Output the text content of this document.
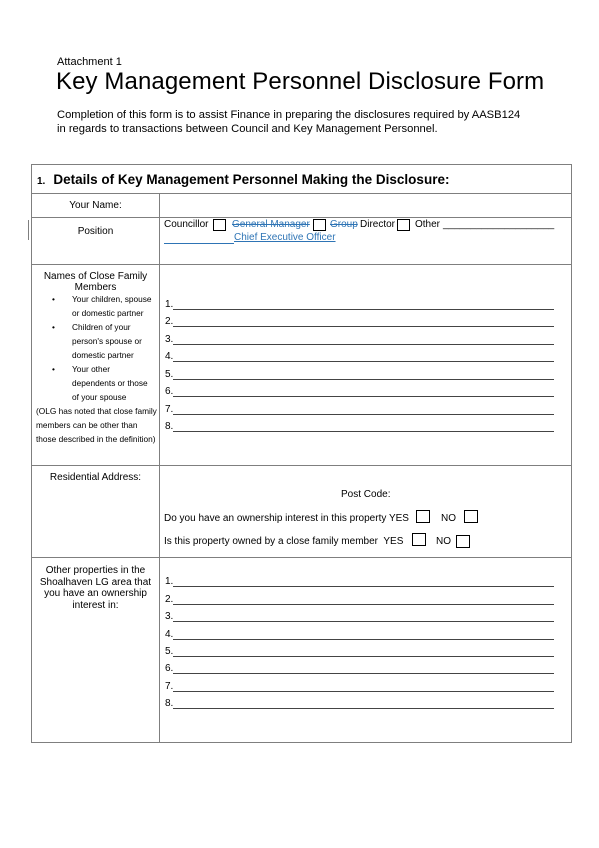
Attachment 1
Key Management Personnel Disclosure Form
Completion of this form is to assist Finance in preparing the disclosures required by AASB124
in regards to transactions between Council and Key Management Personnel.
1. Details of Key Management Personnel Making the Disclosure:
Your Name:
Position
Councillor General Manager Group Director Other ____________________
Chief Executive Officer
Names of Close Family
Members
• Your children, spouse
or domestic partner
• Children of your
person's spouse or
domestic partner
• Your other
dependents or those
of your spouse
(OLG has noted that close family
members can be other than
those described in the definition)
1.
2.
3.
4.
5.
6.
7.
8.
Residential Address:
Post Code:
Do you have an ownership interest in this property YES	NO
Is this property owned by a close family member YES	NO
Other properties in the
Shoalhaven LG area that
you have an ownership
interest in:
1.
2.
3.
4.
5.
6.
7.
8.
